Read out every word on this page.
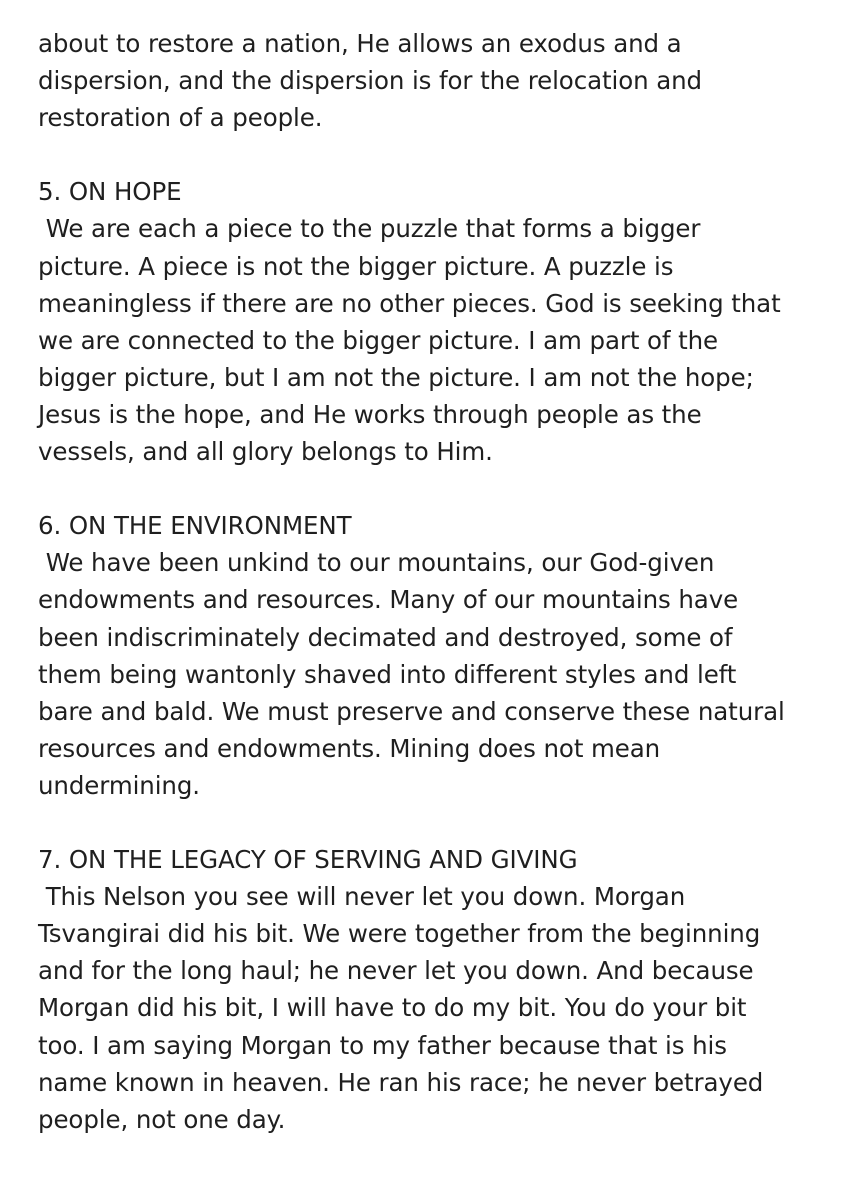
about to restore a nation, He allows an exodus and a
dispersion, and the dispersion is for the relocation and
restoration of a people.
5. ON HOPE
We are each a piece to the puzzle that forms a bigger
picture. A piece is not the bigger picture. A puzzle is
meaningless if there are no other pieces. God is seeking that
we are connected to the bigger picture. I am part of the
bigger picture, but I am not the picture. I am not the hope;
Jesus is the hope, and He works through people as the
vessels, and all glory belongs to Him.
6. ON THE ENVIRONMENT
We have been unkind to our mountains, our God-given
endowments and resources. Many of our mountains have
been indiscriminately decimated and destroyed, some of
them being wantonly shaved into different styles and left
bare and bald. We must preserve and conserve these natural
resources and endowments. Mining does not mean
undermining.
7. ON THE LEGACY OF SERVING AND GIVING
This Nelson you see will never let you down. Morgan
Tsvangirai did his bit. We were together from the beginning
and for the long haul; he never let you down. And because
Morgan did his bit, I will have to do my bit. You do your bit
too. I am saying Morgan to my father because that is his
name known in heaven. He ran his race; he never betrayed
people, not one day.
